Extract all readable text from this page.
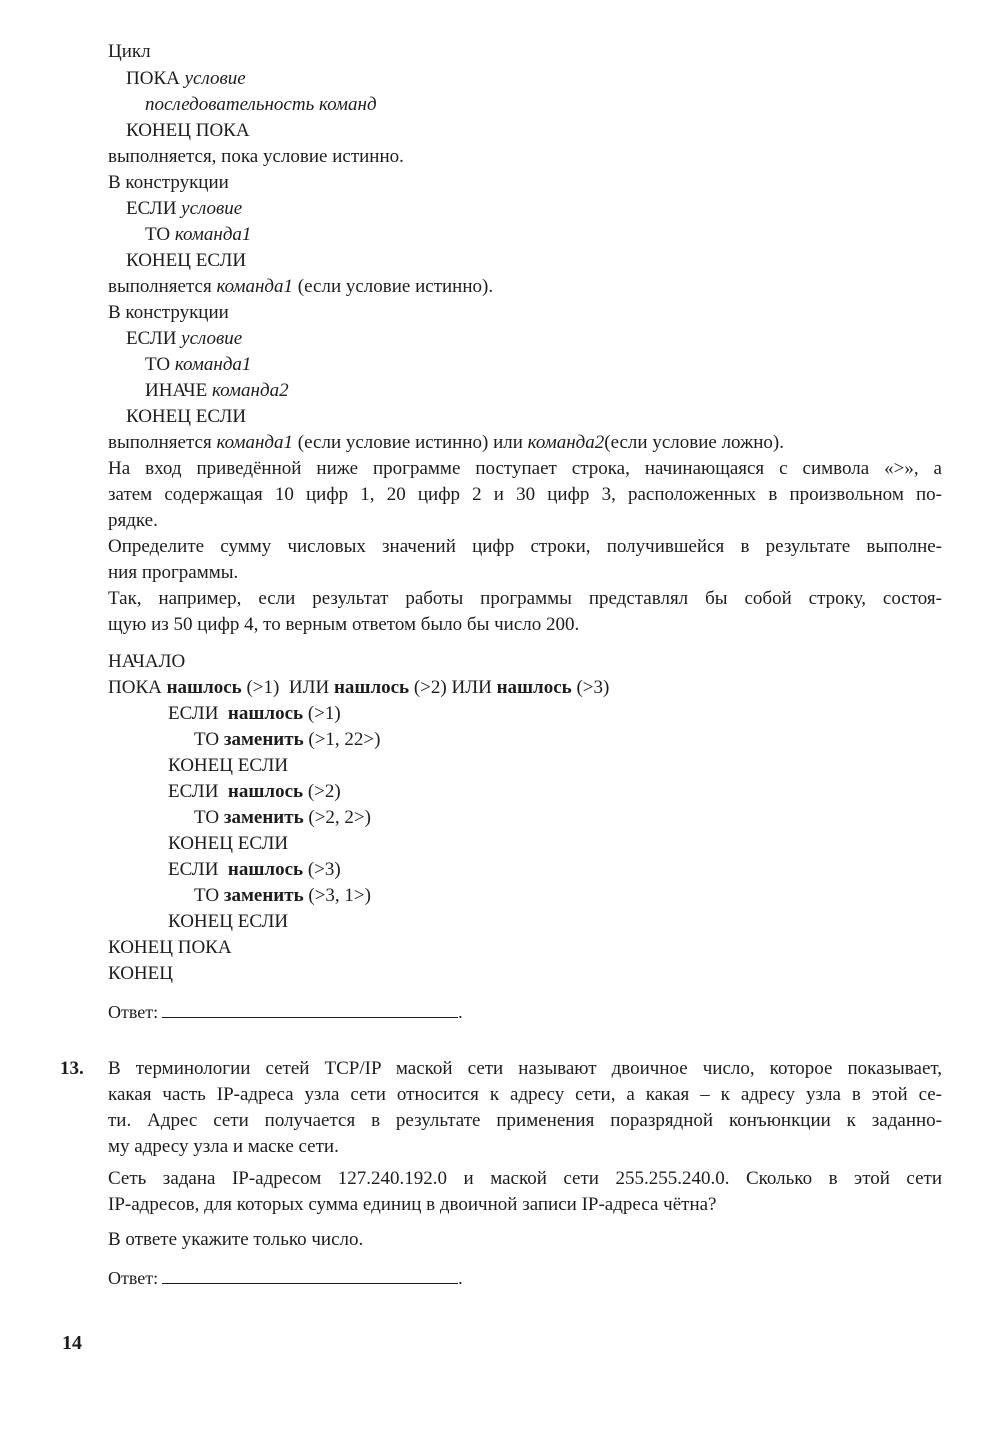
Цикл
ПОКА условие
последовательность команд
КОНЕЦ ПОКА
выполняется, пока условие истинно.
В конструкции
ЕСЛИ условие
ТО команда1
КОНЕЦ ЕСЛИ
выполняется команда1 (если условие истинно).
В конструкции
ЕСЛИ условие
ТО команда1
ИНАЧЕ команда2
КОНЕЦ ЕСЛИ
выполняется команда1 (если условие истинно) или команда2(если условие ложно).
На вход приведённой ниже программе поступает строка, начинающаяся с символа «>», а
затем содержащая 10 цифр 1, 20 цифр 2 и 30 цифр 3, расположенных в произвольном по-
рядке.
Определите сумму числовых значений цифр строки, получившейся в результате выполне-
ния программы.
Так, например, если результат работы программы представлял бы собой строку, состоя-
щую из 50 цифр 4, то верным ответом было бы число 200.
НАЧАЛО
ПОКА нашлось (>1) ИЛИ нашлось (>2) ИЛИ нашлось (>3)
ЕСЛИ нашлось (>1)
ТО заменить (>1, 22>)
КОНЕЦ ЕСЛИ
ЕСЛИ нашлось (>2)
ТО заменить (>2, 2>)
КОНЕЦ ЕСЛИ
ЕСЛИ нашлось (>3)
ТО заменить (>3, 1>)
КОНЕЦ ЕСЛИ
КОНЕЦ ПОКА
КОНЕЦ
Ответ:	.
13. В терминологии сетей TCP/IP маской сети называют двоичное число, которое показывает,
какая часть IP-адреса узла сети относится к адресу сети, а какая – к адресу узла в этой се-
ти. Адрес сети получается в результате применения поразрядной конъюнкции к заданно-
му адресу узла и маске сети.
Сеть задана IP-адресом 127.240.192.0 и маской сети 255.255.240.0. Сколько в этой сети
IP-адресов, для которых сумма единиц в двоичной записи IP-адреса чётна?
В ответе укажите только число.
Ответ:	.
14
